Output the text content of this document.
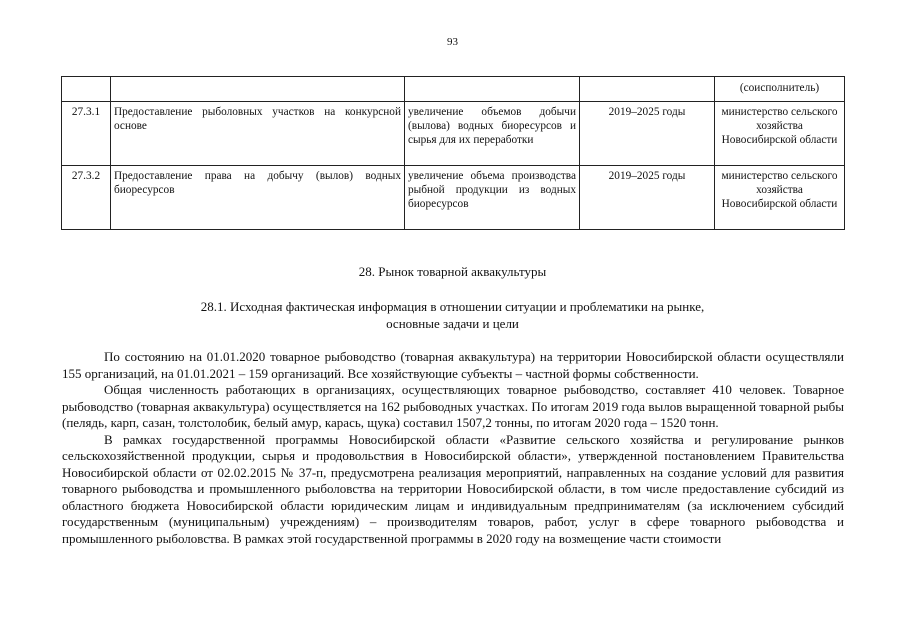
93
				(соисполнитель)
27.3.1	Предоставление рыболовных участков на конкурсной основе	увеличение объемов добычи (вылова) водных биоресурсов и сырья для их переработки	2019–2025 годы	министерство сельского хозяйства Новосибирской области
27.3.2	Предоставление права на добычу (вылов) водных биоресурсов	увеличение объема производства рыбной продукции из водных биоресурсов	2019–2025 годы	министерство сельского хозяйства Новосибирской области
28. Рынок товарной аквакультуры
28.1. Исходная фактическая информация в отношении ситуации и проблематики на рынке,
основные задачи и цели

По состоянию на 01.01.2020 товарное рыбоводство (товарная аквакультура) на территории Новосибирской области осуществляли 155 организаций, на 01.01.2021 – 159 организаций. Все хозяйствующие субъекты – частной формы собственности.

Общая численность работающих в организациях, осуществляющих товарное рыбоводство, составляет 410 человек. Товарное рыбоводство (товарная аквакультура) осуществляется на 162 рыбоводных участках. По итогам 2019 года вылов выращенной товарной рыбы (пелядь, карп, сазан, толстолобик, белый амур, карась, щука) составил 1507,2 тонны, по итогам 2020 года – 1520 тонн.

В рамках государственной программы Новосибирской области «Развитие сельского хозяйства и регулирование рынков сельскохозяйственной продукции, сырья и продовольствия в Новосибирской области», утвержденной постановлением Правительства Новосибирской области от 02.02.2015 № 37-п, предусмотрена реализация мероприятий, направленных на создание условий для развития товарного рыбоводства и промышленного рыболовства на территории Новосибирской области, в том числе предоставление субсидий из областного бюджета Новосибирской области юридическим лицам и индивидуальным предпринимателям (за исключением субсидий государственным (муниципальным) учреждениям) – производителям товаров, работ, услуг в сфере товарного рыбоводства и промышленного рыболовства. В рамках этой государственной программы в 2020 году на возмещение части стоимости
